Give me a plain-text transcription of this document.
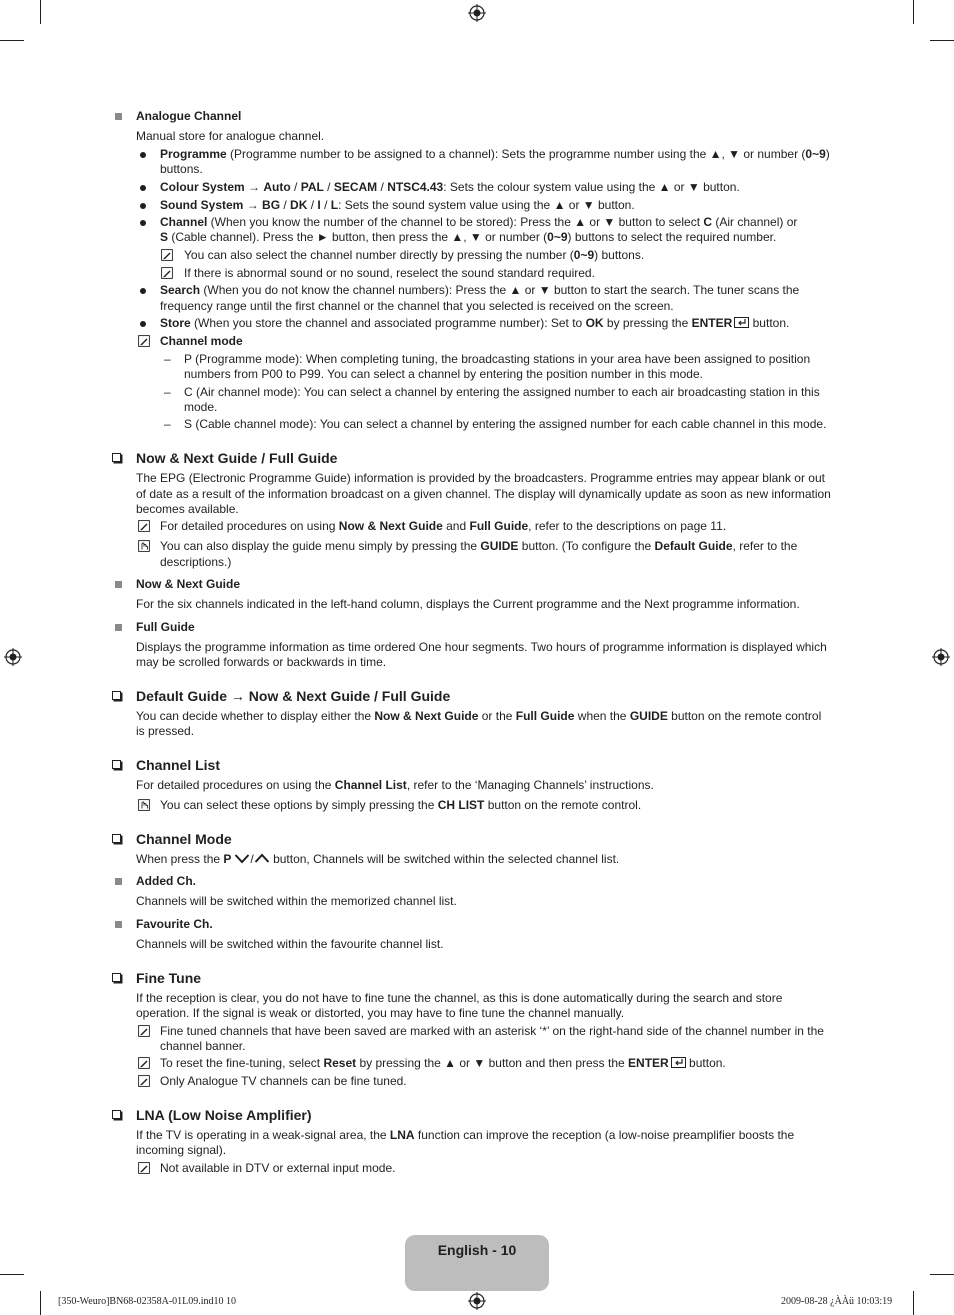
Analogue Channel
Manual store for analogue channel.
Programme (Programme number to be assigned to a channel): Sets the programme number using the ▲, ▼ or number (0~9)
buttons.
Colour System → Auto / PAL / SECAM / NTSC4.43: Sets the colour system value using the ▲ or ▼ button.
Sound System → BG / DK / I / L: Sets the sound system value using the ▲ or ▼ button.
Channel (When you know the number of the channel to be stored): Press the ▲ or ▼ button to select C (Air channel) or
S (Cable channel). Press the ► button, then press the ▲, ▼ or number (0~9) buttons to select the required number.
You can also select the channel number directly by pressing the number (0~9) buttons.
If there is abnormal sound or no sound, reselect the sound standard required.
Search (When you do not know the channel numbers): Press the ▲ or ▼ button to start the search. The tuner scans the
frequency range until the first channel or the channel that you selected is received on the screen.
Store (When you store the channel and associated programme number): Set to OK by pressing the ENTER
button.
Channel mode
– P (Programme mode): When completing tuning, the broadcasting stations in your area have been assigned to position
numbers from P00 to P99. You can select a channel by entering the position number in this mode.
– C (Air channel mode): You can select a channel by entering the assigned number to each air broadcasting station in this
mode.
– S (Cable channel mode): You can select a channel by entering the assigned number for each cable channel in this mode.
Now & Next Guide / Full Guide
The EPG (Electronic Programme Guide) information is provided by the broadcasters. Programme entries may appear blank or out
of date as a result of the information broadcast on a given channel. The display will dynamically update as soon as new information
becomes available.
For detailed procedures on using Now & Next Guide and Full Guide, refer to the descriptions on page 11.
You can also display the guide menu simply by pressing the GUIDE button. (To configure the Default Guide, refer to the
descriptions.)
Now & Next Guide
For the six channels indicated in the left-hand column, displays the Current programme and the Next programme information.
Full Guide
Displays the programme information as time ordered One hour segments. Two hours of programme information is displayed which
may be scrolled forwards or backwards in time.
Default Guide → Now & Next Guide / Full Guide
You can decide whether to display either the Now & Next Guide or the Full Guide when the GUIDE button on the remote control
is pressed.
Channel List
For detailed procedures on using the Channel List, refer to the ‘Managing Channels’ instructions.
You can select these options by simply pressing the CH LIST button on the remote control.
Channel Mode
When press the P / button, Channels will be switched within the selected channel list.
Added Ch.
Channels will be switched within the memorized channel list.
Favourite Ch.
Channels will be switched within the favourite channel list.
Fine Tune
If the reception is clear, you do not have to fine tune the channel, as this is done automatically during the search and store
operation. If the signal is weak or distorted, you may have to fine tune the channel manually.
Fine tuned channels that have been saved are marked with an asterisk ‘*’ on the right-hand side of the channel number in the
channel banner.
To reset the fine-tuning, select Reset by pressing the ▲ or ▼ button and then press the ENTER
button.
Only Analogue TV channels can be fine tuned.
LNA (Low Noise Amplifier)
If the TV is operating in a weak-signal area, the LNA function can improve the reception (a low-noise preamplifier boosts the
incoming signal).
Not available in DTV or external input mode.
English - 10
[350-Weuro]BN68-02358A-01L09.ind10 10	2009-08-28 ¿ÀÀü 10:03:19
